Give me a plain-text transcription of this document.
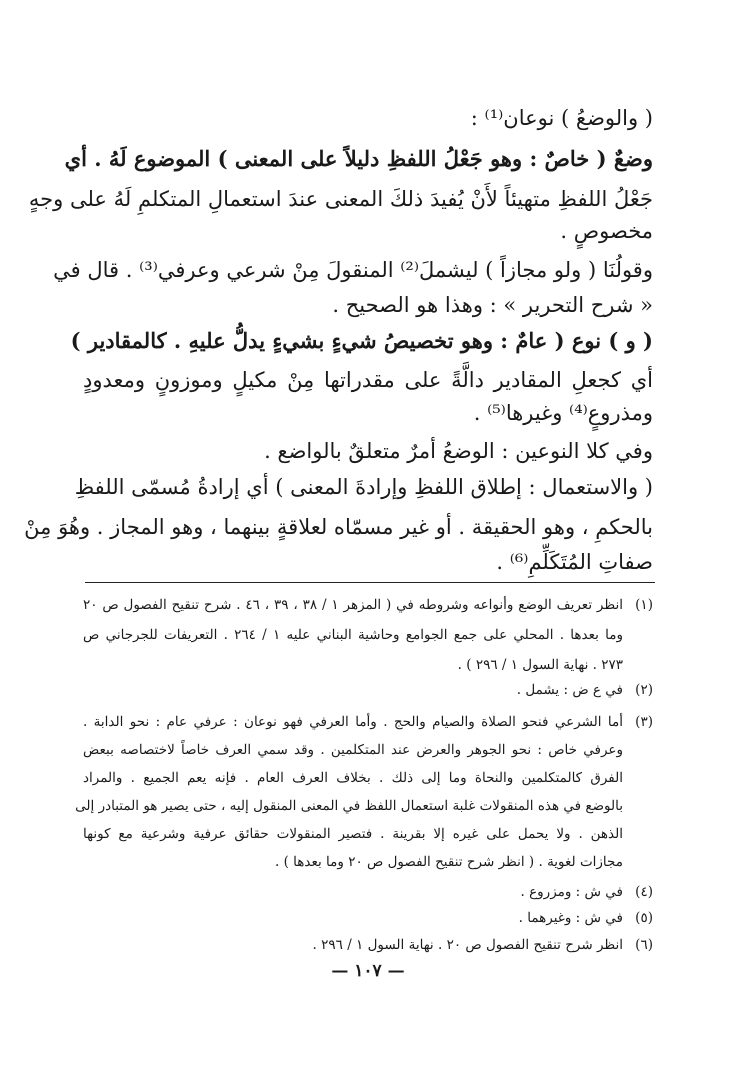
( والوضعُ ) نوعان⁽¹⁾ :
وضعٌ ( خاصٌ : وهو جَعْلُ اللفظِ دليلاً على المعنى ) الموضوع لَهُ . أي
جَعْلُ اللفظِ متهيئاً لأَنْ يُفيدَ ذلكَ المعنى عندَ استعمالِ المتكلمِ لَهُ على وجهٍ
مخصوصٍ .
وقولُنَا ( ولو مجازاً ) ليشملَ⁽²⁾ المنقولَ مِنْ شرعي وعرفي⁽³⁾ . قال في
« شرح التحرير » : وهذا هو الصحيح .
( و ) نوع ( عامٌ : وهو تخصيصُ شيءٍ بشيءٍ يدلُّ عليهِ . كالمقادير )
أي كجعلِ المقادير دالَّةً على مقدراتها مِنْ مكيلٍ وموزونٍ ومعدودٍ
ومذروعٍ⁽⁴⁾ وغيرها⁽⁵⁾ .
وفي كلا النوعين : الوضعُ أمرٌ متعلقٌ بالواضع .
( والاستعمال : إطلاق اللفظِ وإرادةَ المعنى ) أي إرادةُ مُسمّى اللفظِ
بالحكمِ ، وهو الحقيقة . أو غير مسمّاه لعلاقةٍ بينهما ، وهو المجاز . وهُوَ مِنْ
صفاتِ المُتَكَلِّمِ⁽⁶⁾ .
(١)انظر تعريف الوضع وأنواعه وشروطه في ( المزهر ١ / ٣٨ ، ٣٩ ، ٤٦ . شرح تنقيح الفصول ص ٢٠
وما بعدها . المحلي على جمع الجوامع وحاشية البناني عليه ١ / ٢٦٤ . التعريفات للجرجاني ص
٢٧٣ . نهاية السول ١ / ٢٩٦ ) .
(٢)في ع ض : يشمل .
(٣)أما الشرعي فنحو الصلاة والصيام والحج . وأما العرفي فهو نوعان : عرفي عام : نحو الدابة .
وعرفي خاص : نحو الجوهر والعرض عند المتكلمين . وقد سمي العرف خاصاً لاختصاصه ببعض
الفرق كالمتكلمين والنحاة وما إلى ذلك . بخلاف العرف العام . فإنه يعم الجميع . والمراد
بالوضع في هذه المنقولات غلبة استعمال اللفظ في المعنى المنقول إليه ، حتى يصير هو المتبادر إلى
الذهن . ولا يحمل على غيره إلا بقرينة . فتصير المنقولات حقائق عرفية وشرعية مع كونها
مجازات لغوية . ( انظر شرح تنقيح الفصول ص ٢٠ وما بعدها ) .
(٤)في ش : ومزروع .
(٥)في ش : وغيرهما .
(٦)انظر شرح تنقيح الفصول ص ٢٠ . نهاية السول ١ / ٢٩٦ .
— ١٠٧ —
